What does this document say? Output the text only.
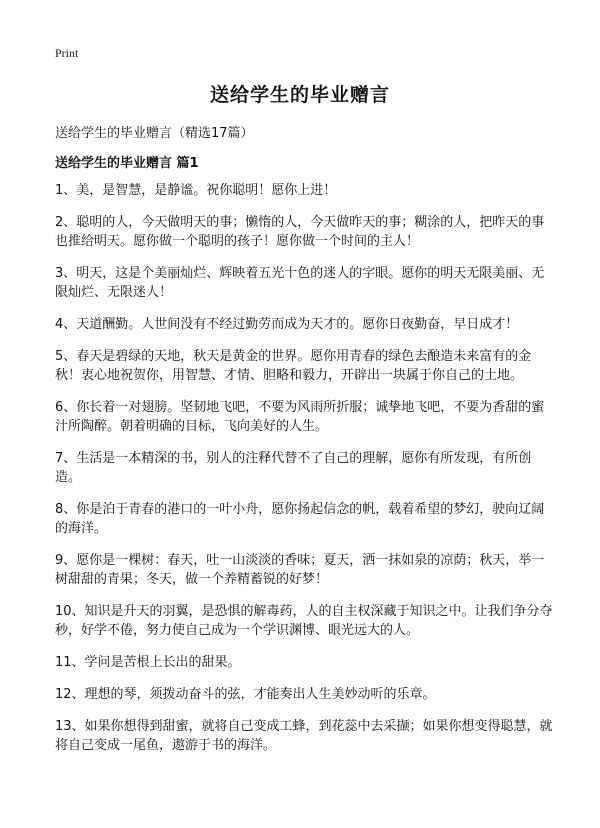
Print
送给学生的毕业赠言
送给学生的毕业赠言（精选17篇）
送给学生的毕业赠言 篇1

1、美，是智慧，是静谧。祝你聪明！愿你上进！

2、聪明的人，今天做明天的事；懒惰的人，今天做昨天的事；糊涂的人，把昨天的事也推给明天。愿你做一个聪明的孩子！愿你做一个时间的主人！

3、明天，这是个美丽灿烂、辉映着五光十色的迷人的字眼。愿你的明天无限美丽、无限灿烂、无限迷人！

4、天道酬勤。人世间没有不经过勤劳而成为天才的。愿你日夜勤奋，早日成才！

5、春天是碧绿的天地，秋天是黄金的世界。愿你用青春的绿色去酿造未来富有的金秋！衷心地祝贺你，用智慧、才情、胆略和毅力，开辟出一块属于你自己的土地。

6、你长着一对翅膀。坚韧地飞吧，不要为风雨所折服；诚挚地飞吧，不要为香甜的蜜汁所陶醉。朝着明确的目标，飞向美好的人生。

7、生活是一本精深的书，别人的注释代替不了自己的理解，愿你有所发现，有所创造。

8、你是泊于青春的港口的一叶小舟，愿你扬起信念的帆，载着希望的梦幻，驶向辽阔的海洋。

9、愿你是一棵树：春天，吐一山淡淡的香味；夏天，洒一抹如泉的凉荫；秋天，举一树甜甜的青果；冬天，做一个养精蓄锐的好梦！

10、知识是升天的羽翼，是恐惧的解毒药，人的自主权深藏于知识之中。让我们争分夺秒，好学不倦，努力使自己成为一个学识渊博、眼光远大的人。

11、学问是苦根上长出的甜果。

12、理想的琴，须拨动奋斗的弦，才能奏出人生美妙动听的乐章。

13、如果你想得到甜蜜，就将自己变成工蜂，到花蕊中去采撷；如果你想变得聪慧，就将自己变成一尾鱼，遨游于书的海洋。
